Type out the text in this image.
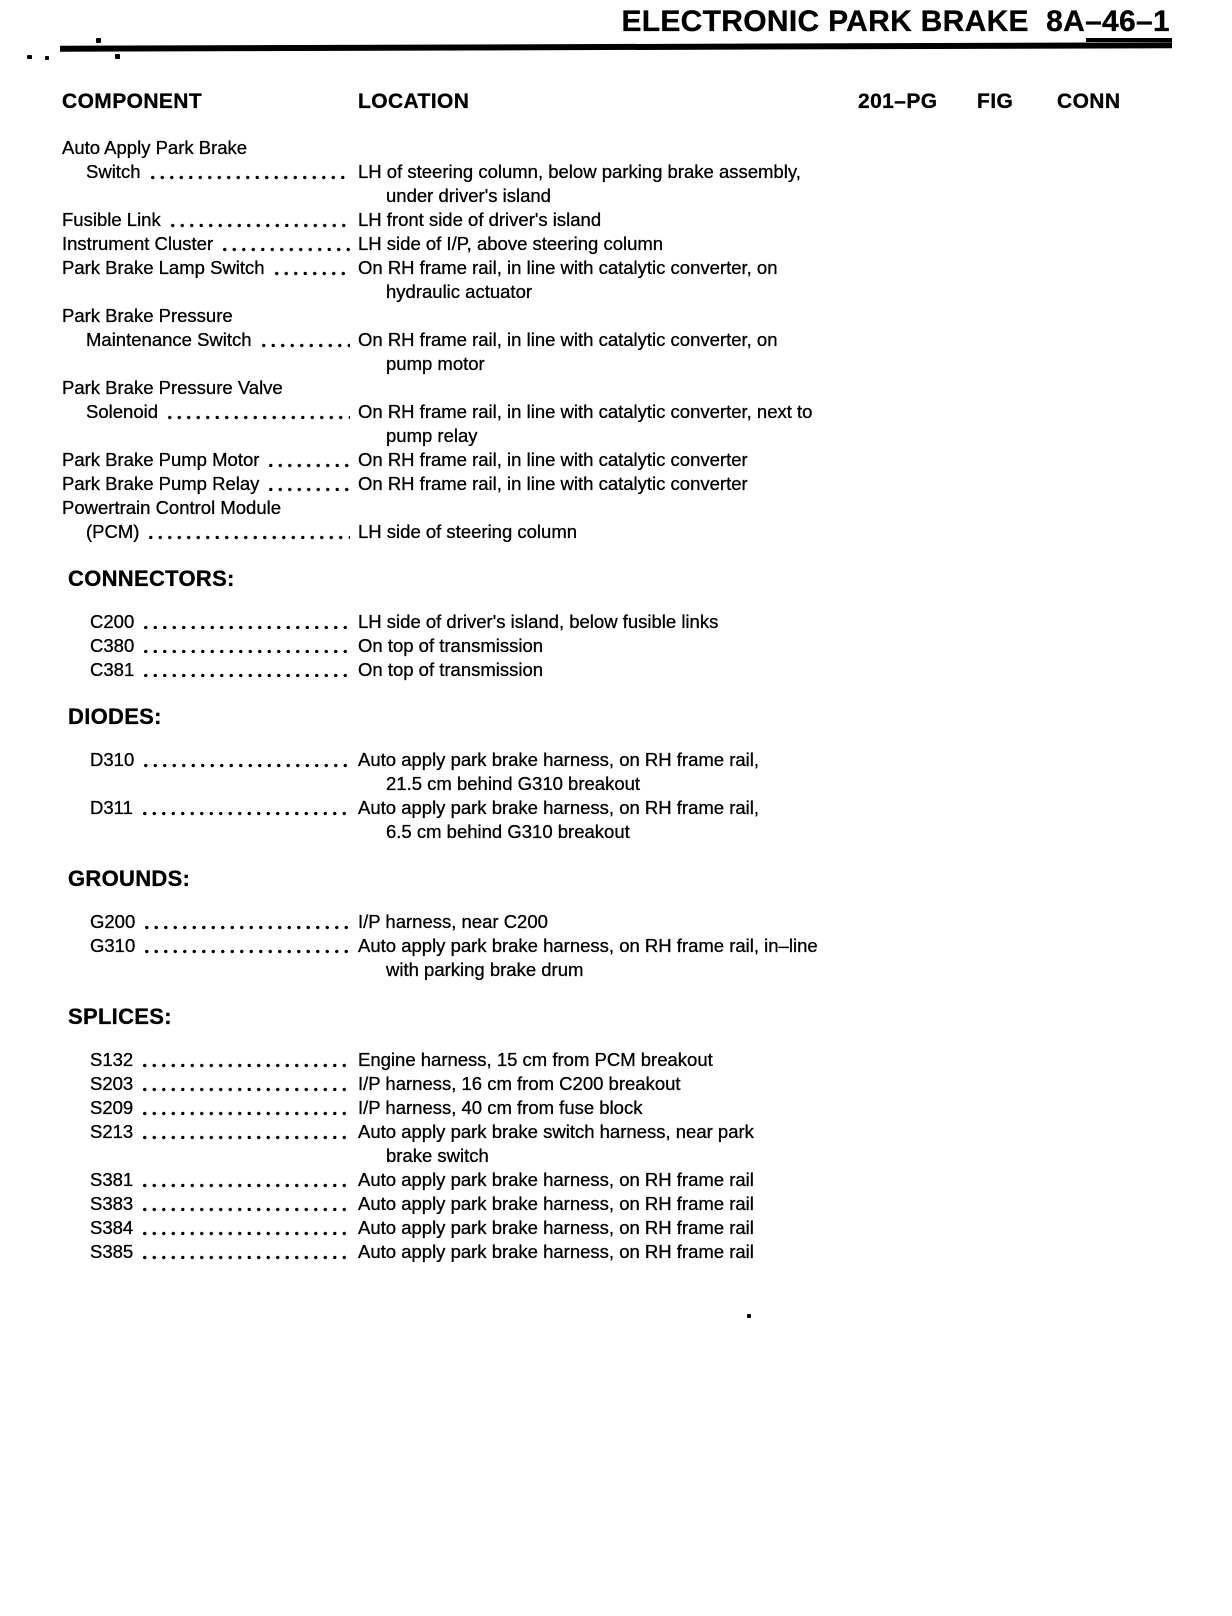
ELECTRONIC PARK BRAKE  8A–46–1
COMPONENT	LOCATION	201–PG FIG CONN
Auto Apply Park Brake
Switch	LH of steering column, below parking brake assembly,
under driver's island
Fusible Link	LH front side of driver's island
Instrument Cluster	LH side of I/P, above steering column
Park Brake Lamp Switch	On RH frame rail, in line with catalytic converter, on
hydraulic actuator
Park Brake Pressure
Maintenance Switch	On RH frame rail, in line with catalytic converter, on
pump motor
Park Brake Pressure Valve
Solenoid	On RH frame rail, in line with catalytic converter, next to
pump relay
Park Brake Pump Motor	On RH frame rail, in line with catalytic converter
Park Brake Pump Relay	On RH frame rail, in line with catalytic converter
Powertrain Control Module
(PCM)	LH side of steering column
CONNECTORS:
C200	LH side of driver's island, below fusible links
C380	On top of transmission
C381	On top of transmission
DIODES:
D310	Auto apply park brake harness, on RH frame rail,
21.5 cm behind G310 breakout
D311	Auto apply park brake harness, on RH frame rail,
6.5 cm behind G310 breakout
GROUNDS:
G200	I/P harness, near C200
G310	Auto apply park brake harness, on RH frame rail, in–line
with parking brake drum
SPLICES:
S132	Engine harness, 15 cm from PCM breakout
S203	I/P harness, 16 cm from C200 breakout
S209	I/P harness, 40 cm from fuse block
S213	Auto apply park brake switch harness, near park
brake switch
S381	Auto apply park brake harness, on RH frame rail
S383	Auto apply park brake harness, on RH frame rail
S384	Auto apply park brake harness, on RH frame rail
S385	Auto apply park brake harness, on RH frame rail
